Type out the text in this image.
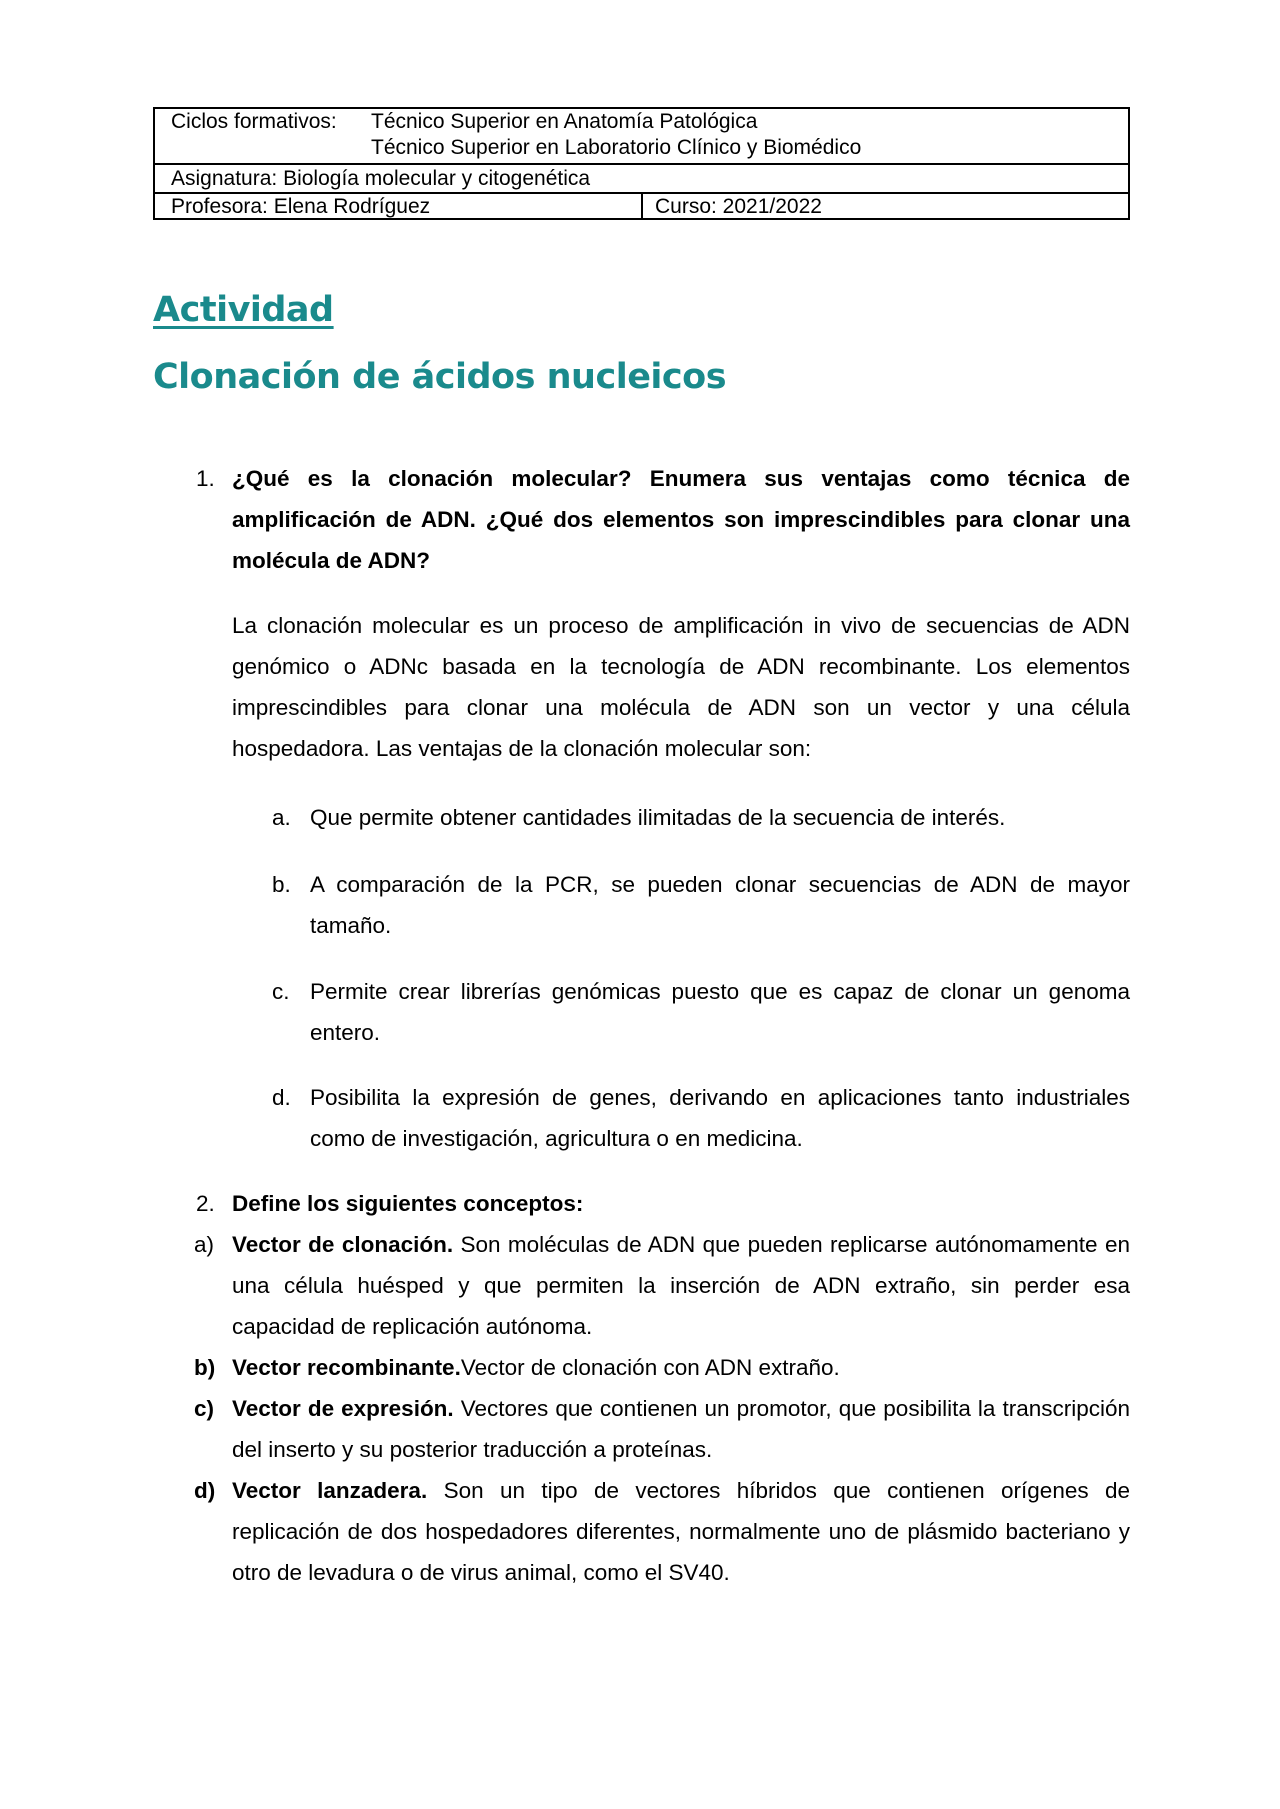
Ciclos formativos: Técnico Superior en Anatomía Patológica
Técnico Superior en Laboratorio Clínico y Biomédico
Asignatura: Biología molecular y citogenética
Profesora: Elena Rodríguez	Curso: 2021/2022
Actividad
Clonación de ácidos nucleicos
1. ¿Qué es la clonación molecular? Enumera sus ventajas como técnica de amplificación de ADN. ¿Qué dos elementos son imprescindibles para clonar una molécula de ADN?
La clonación molecular es un proceso de amplificación in vivo de secuencias de ADN genómico o ADNc basada en la tecnología de ADN recombinante. Los elementos imprescindibles para clonar una molécula de ADN son un vector y una célula hospedadora. Las ventajas de la clonación molecular son:
a. Que permite obtener cantidades ilimitadas de la secuencia de interés.
b. A comparación de la PCR, se pueden clonar secuencias de ADN de mayor tamaño.
c. Permite crear librerías genómicas puesto que es capaz de clonar un genoma entero.
d. Posibilita la expresión de genes, derivando en aplicaciones tanto industriales como de investigación, agricultura o en medicina.
2. Define los siguientes conceptos:
a) Vector de clonación. Son moléculas de ADN que pueden replicarse autónomamente en una célula huésped y que permiten la inserción de ADN extraño, sin perder esa capacidad de replicación autónoma.
b) Vector recombinante.Vector de clonación con ADN extraño.
c) Vector de expresión. Vectores que contienen un promotor, que posibilita la transcripción del inserto y su posterior traducción a proteínas.
d) Vector lanzadera. Son un tipo de vectores híbridos que contienen orígenes de replicación de dos hospedadores diferentes, normalmente uno de plásmido bacteriano y otro de levadura o de virus animal, como el SV40.
